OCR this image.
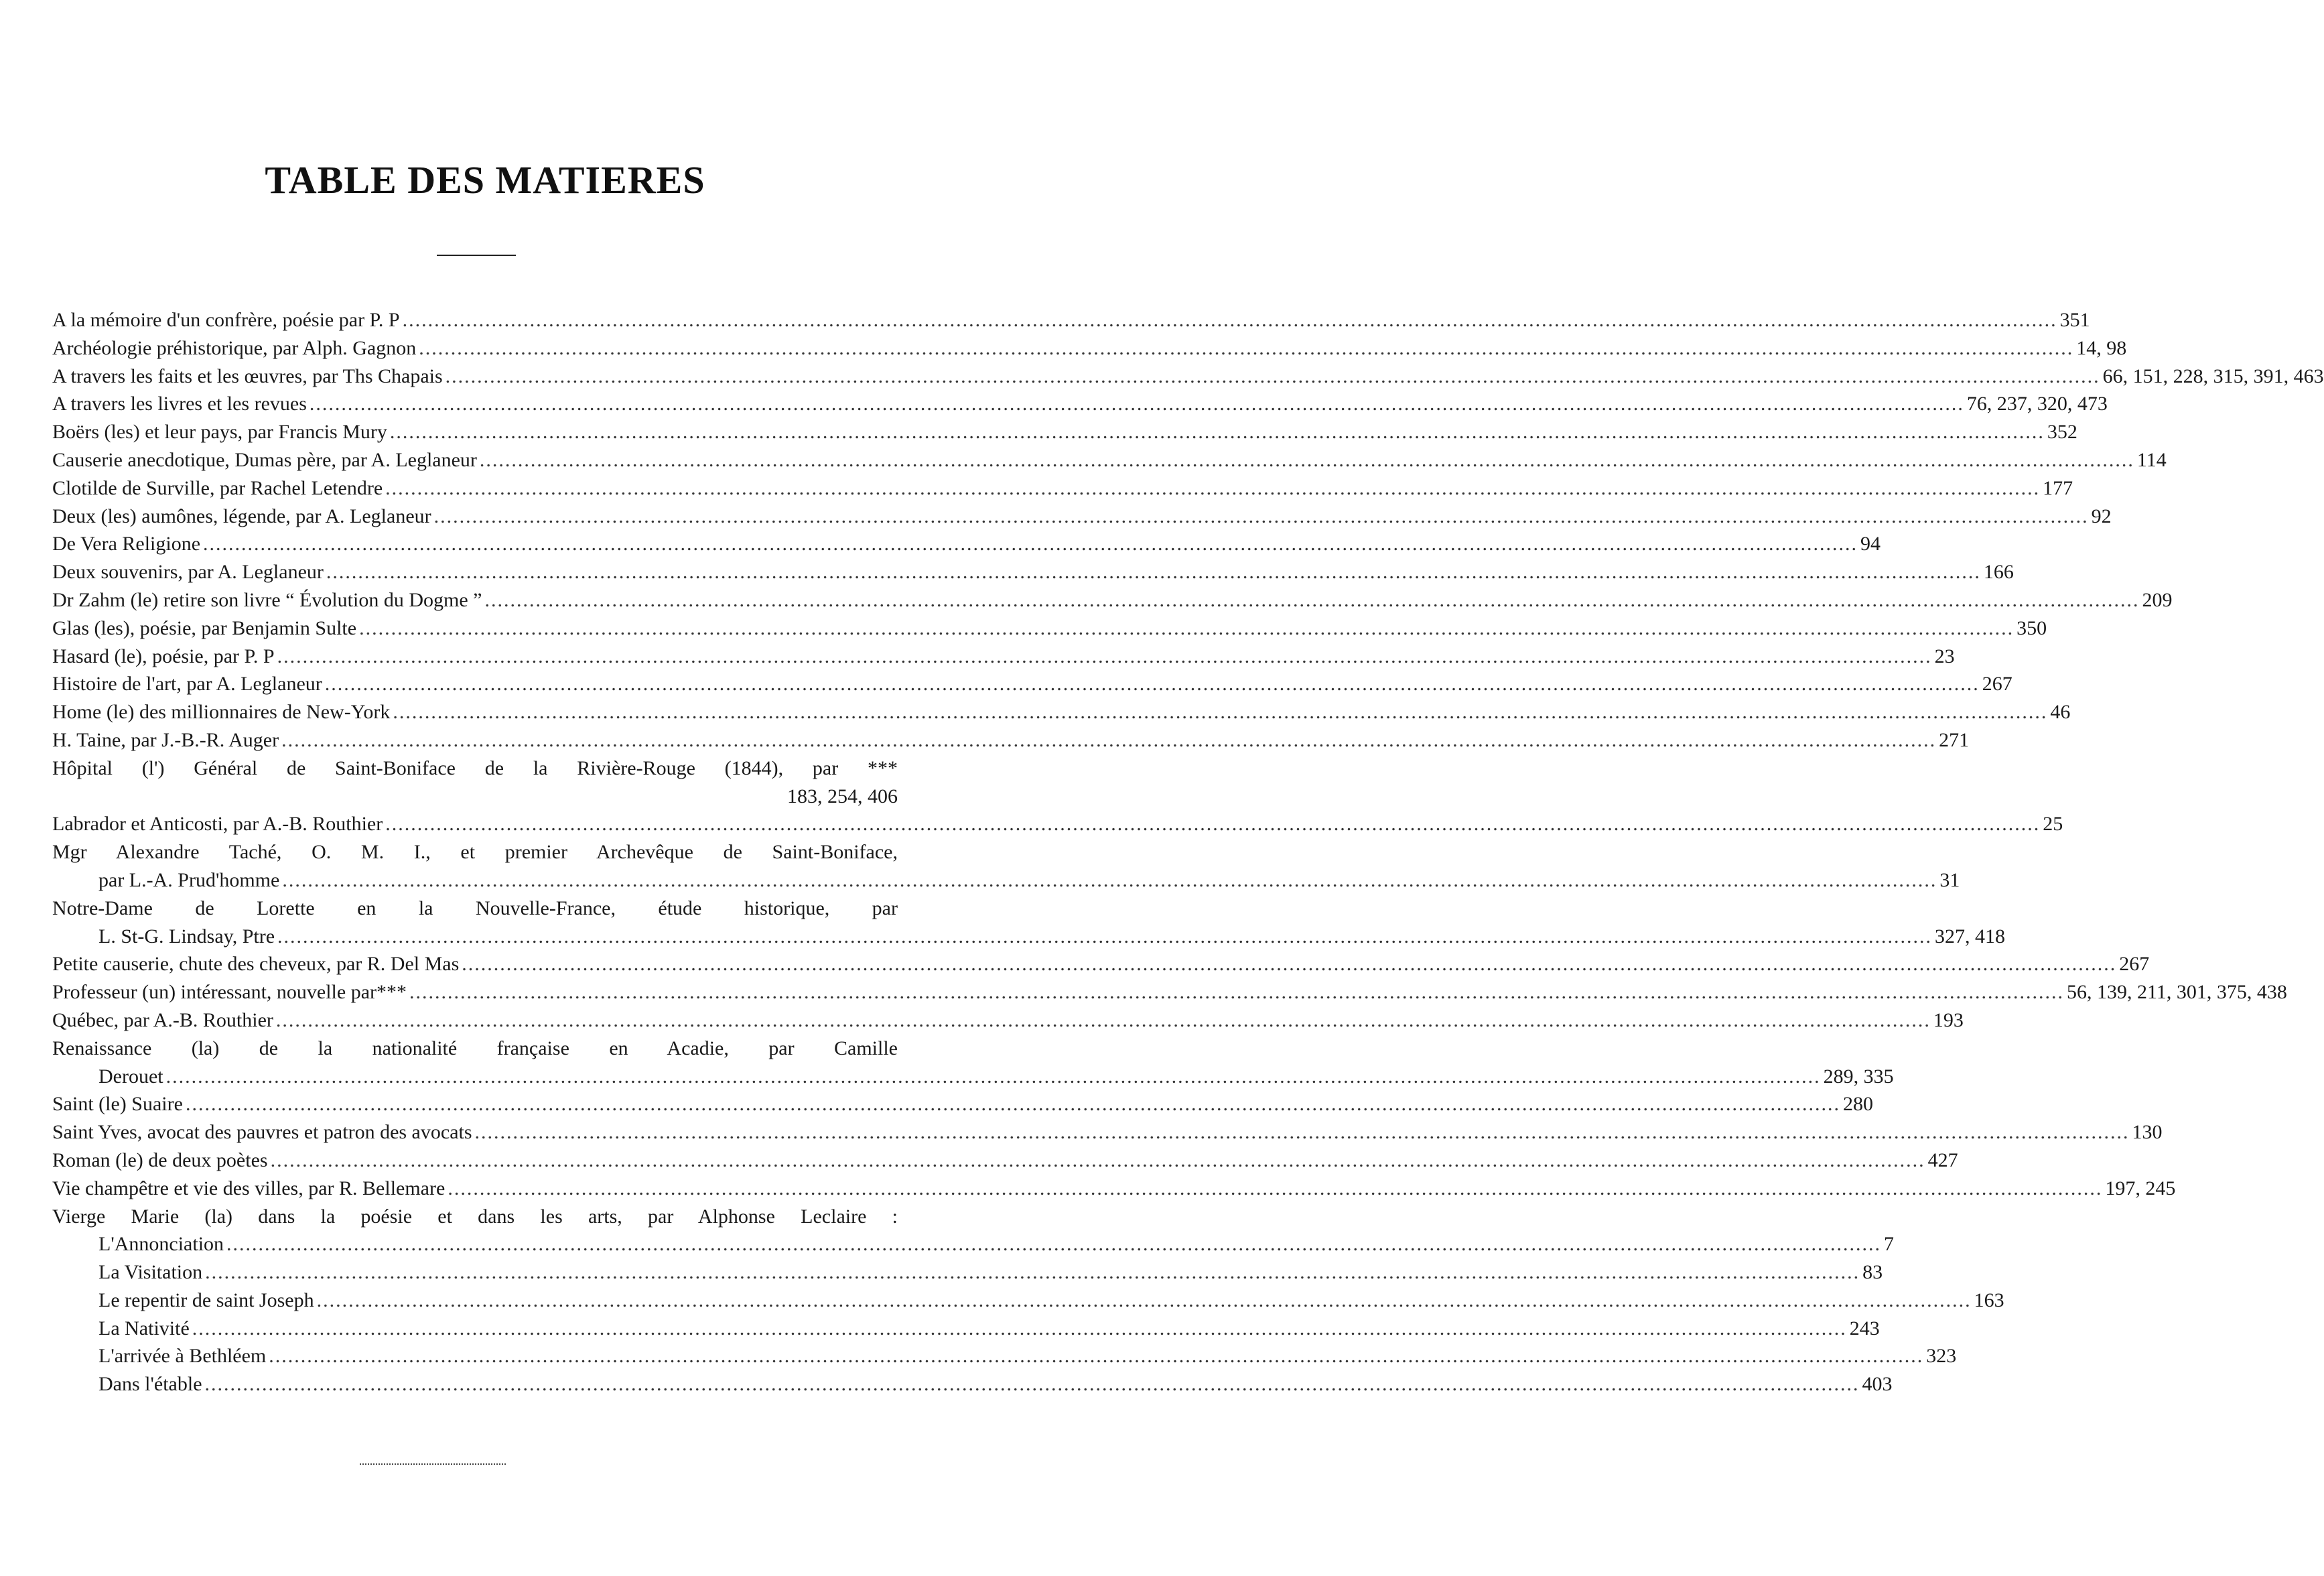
TABLE DES MATIERES
A la mémoire d'un confrère, poésie par P. P .....	351
Archéologie préhistorique, par Alph. Gagnon .....	14, 98
A travers les faits et les œuvres, par Ths Chapais .....	66, 151, 228, 315, 391, 463
A travers les livres et les revues .....	76, 237, 320, 473
Boërs (les) et leur pays, par Francis Mury .....	352
Causerie anecdotique, Dumas père, par A. Leglaneur .....	114
Clotilde de Surville, par Rachel Letendre .....	177
Deux (les) aumônes, légende, par A. Leglaneur .....	92
De Vera Religione .....	94
Deux souvenirs, par A. Leglaneur .....	166
Dr Zahm (le) retire son livre “ Évolution du Dogme ” .....	209
Glas (les), poésie, par Benjamin Sulte .....	350
Hasard (le), poésie, par P. P .....	23
Histoire de l'art, par A. Leglaneur .....	267
Home (le) des millionnaires de New-York .....	46
H. Taine, par J.-B.-R. Auger .....	271
Hôpital (l') Général de Saint-Boniface de la Rivière-Rouge (1844), par ***
183, 254, 406
Labrador et Anticosti, par A.-B. Routhier .....	25
Mgr Alexandre Taché, O. M. I., et premier Archevêque de Saint-Boniface,
par L.-A. Prud'homme .....	31
Notre-Dame de Lorette en la Nouvelle-France, étude historique, par
L. St-G. Lindsay, Ptre .....	327, 418
Petite causerie, chute des cheveux, par R. Del Mas .....	267
Professeur (un) intéressant, nouvelle par*** .....	56, 139, 211, 301, 375, 438
Québec, par A.-B. Routhier .....	193
Renaissance (la) de la nationalité française en Acadie, par Camille
Derouet .....	289, 335
Saint (le) Suaire .....	280
Saint Yves, avocat des pauvres et patron des avocats .....	130
Roman (le) de deux poètes .....	427
Vie champêtre et vie des villes, par R. Bellemare .....	197, 245
Vierge Marie (la) dans la poésie et dans les arts, par Alphonse Leclaire :
L'Annonciation .....	7
La Visitation .....	83
Le repentir de saint Joseph .....	163
La Nativité .....	243
L'arrivée à Bethléem .....	323
Dans l'étable .....	403
